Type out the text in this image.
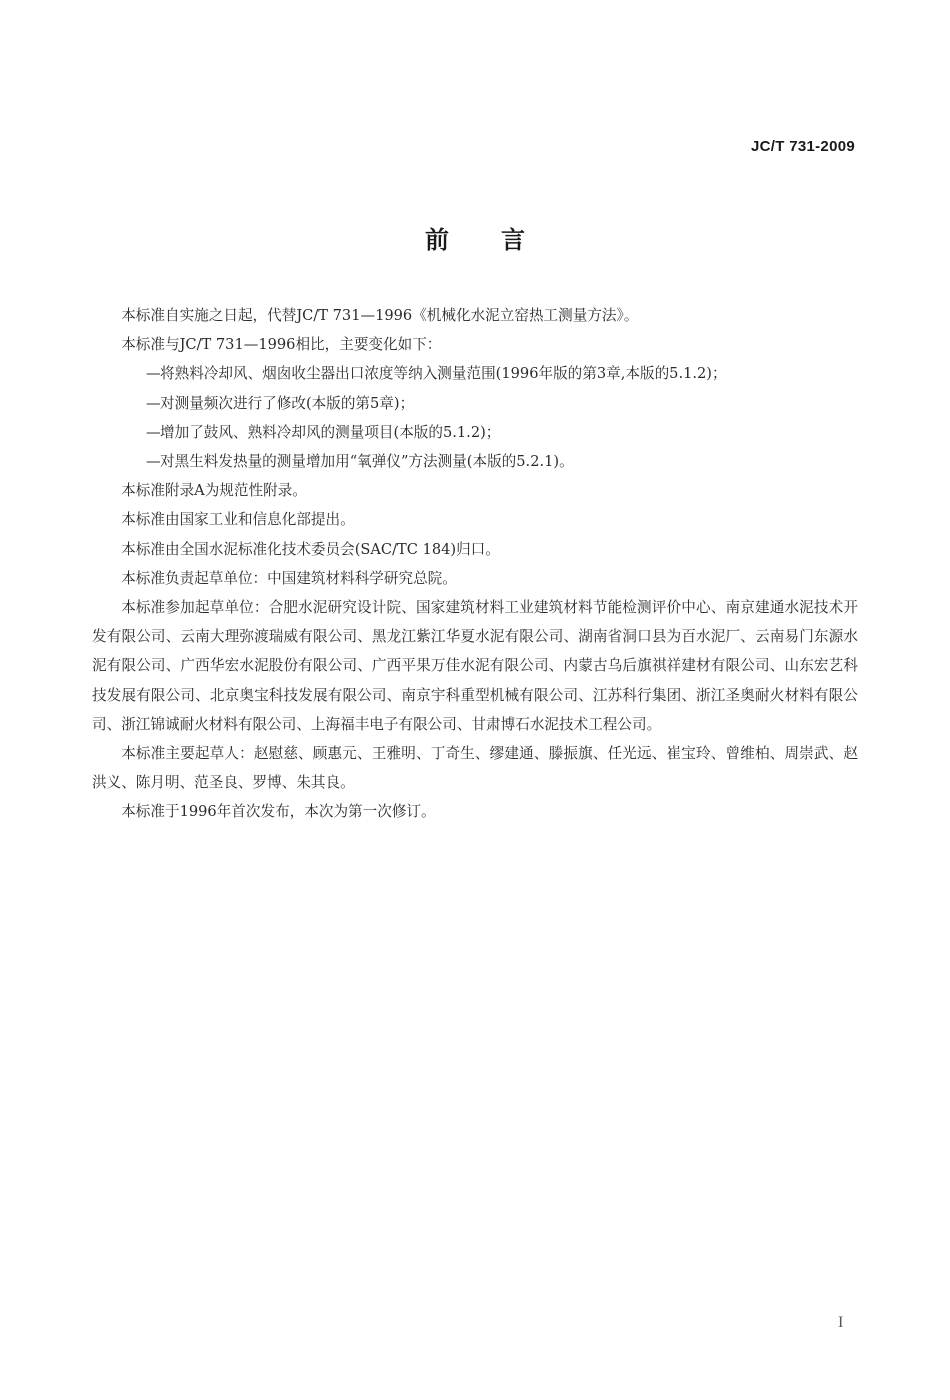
JC/T 731-2009
前言

本标准自实施之日起，代替JC/T 731—1996《机械化水泥立窑热工测量方法》。

本标准与JC/T 731—1996相比，主要变化如下：

—将熟料冷却风、烟囱收尘器出口浓度等纳入测量范围(1996年版的第3章,本版的5.1.2)；

—对测量频次进行了修改(本版的第5章)；

—增加了鼓风、熟料冷却风的测量项目(本版的5.1.2)；

—对黑生料发热量的测量增加用“氧弹仪”方法测量(本版的5.2.1)。

本标准附录A为规范性附录。

本标准由国家工业和信息化部提出。

本标准由全国水泥标准化技术委员会(SAC/TC 184)归口。

本标准负责起草单位：中国建筑材料科学研究总院。

本标准参加起草单位：合肥水泥研究设计院、国家建筑材料工业建筑材料节能检测评价中心、南京建通水泥技术开发有限公司、云南大理弥渡瑞威有限公司、黑龙江紫江华夏水泥有限公司、湖南省洞口县为百水泥厂、云南易门东源水泥有限公司、广西华宏水泥股份有限公司、广西平果万佳水泥有限公司、内蒙古乌后旗祺祥建材有限公司、山东宏艺科技发展有限公司、北京奥宝科技发展有限公司、南京宇科重型机械有限公司、江苏科行集团、浙江圣奥耐火材料有限公司、浙江锦诚耐火材料有限公司、上海福丰电子有限公司、甘肃博石水泥技术工程公司。

本标准主要起草人：赵慰慈、顾惠元、王雅明、丁奇生、缪建通、滕振旗、任光远、崔宝玲、曾维柏、周崇武、赵洪义、陈月明、范圣良、罗博、朱其良。

本标准于1996年首次发布，本次为第一次修订。

I
